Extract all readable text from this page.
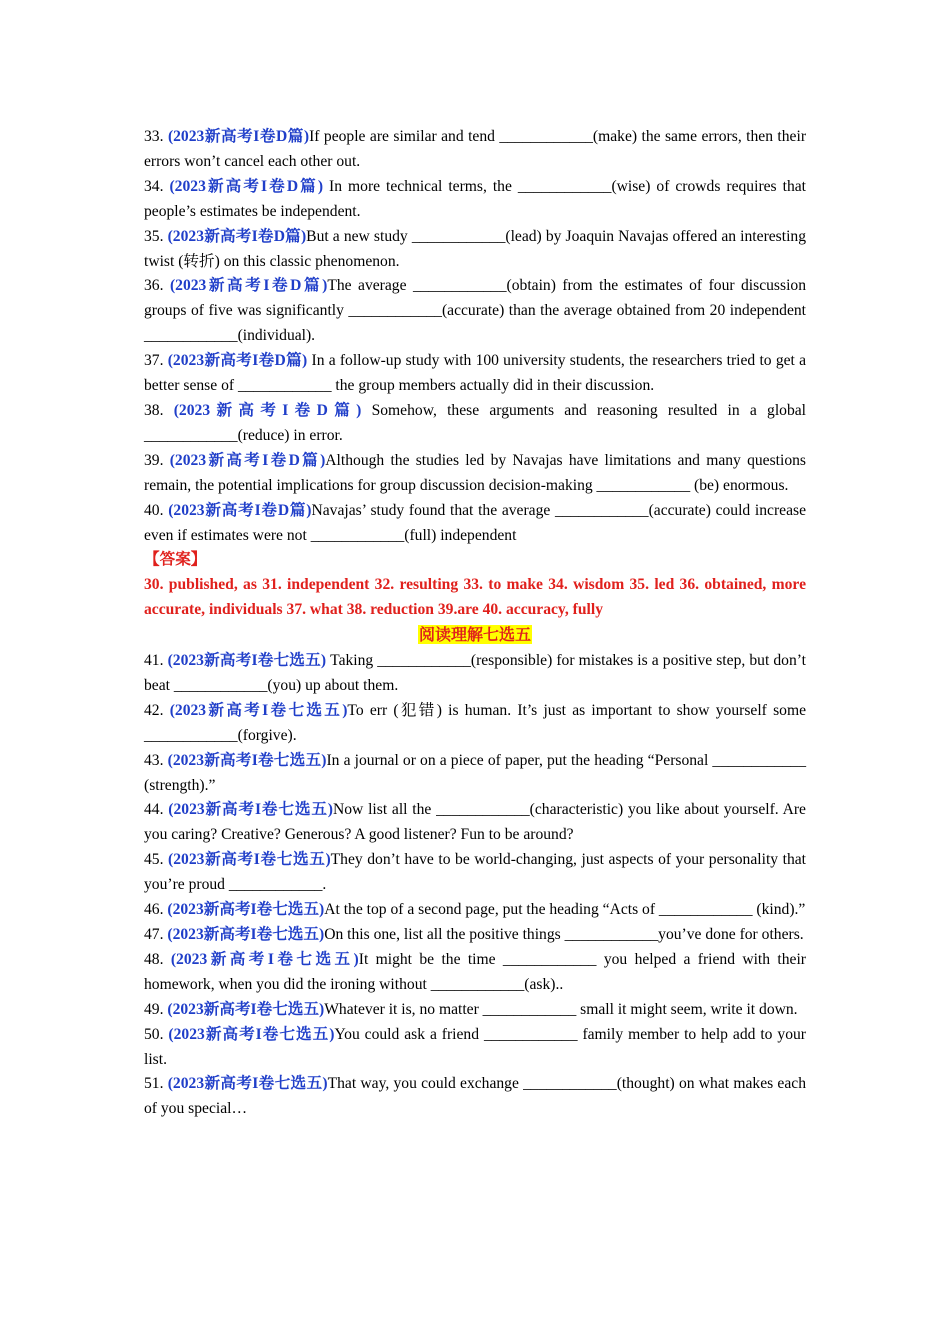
33. (2023新高考I卷D篇)If people are similar and tend ____________(make) the same errors, then their errors won’t cancel each other out.
34. (2023新高考I卷D篇) In more technical terms, the ____________(wise) of crowds requires that people’s estimates be independent.
35. (2023新高考I卷D篇)But a new study ____________(lead) by Joaquin Navajas offered an interesting twist (转折) on this classic phenomenon.
36. (2023新高考I卷D篇)The average ____________(obtain) from the estimates of four discussion groups of five was significantly ____________(accurate) than the average obtained from 20 independent ____________(individual).
37. (2023新高考I卷D篇) In a follow-up study with 100 university students, the researchers tried to get a better sense of ____________ the group members actually did in their discussion.
38. (2023新高考I卷D篇) Somehow, these arguments and reasoning resulted in a global ____________(reduce) in error.
39. (2023新高考I卷D篇)Although the studies led by Navajas have limitations and many questions remain, the potential implications for group discussion decision-making ____________ (be) enormous.
40. (2023新高考I卷D篇)Navajas’ study found that the average ____________(accurate) could increase even if estimates were not ____________(full) independent
【答案】
30. published, as 31. independent 32. resulting 33. to make 34. wisdom 35. led 36. obtained, more accurate, individuals 37. what 38. reduction 39.are 40. accuracy, fully
阅读理解七选五
41. (2023新高考I卷七选五) Taking ____________(responsible) for mistakes is a positive step, but don’t beat ____________(you) up about them.
42. (2023新高考I卷七选五)To err (犯错) is human. It’s just as important to show yourself some ____________(forgive).
43. (2023新高考I卷七选五)In a journal or on a piece of paper, put the heading “Personal ____________ (strength).”
44. (2023新高考I卷七选五)Now list all the ____________(characteristic) you like about yourself. Are you caring? Creative? Generous? A good listener? Fun to be around?
45. (2023新高考I卷七选五)They don’t have to be world-changing, just aspects of your personality that you’re proud ____________.
46. (2023新高考I卷七选五)At the top of a second page, put the heading “Acts of ____________ (kind).”
47. (2023新高考I卷七选五)On this one, list all the positive things ____________you’ve done for others.
48. (2023新高考I卷七选五)It might be the time ____________ you helped a friend with their homework, when you did the ironing without ____________(ask)..
49. (2023新高考I卷七选五)Whatever it is, no matter ____________ small it might seem, write it down.
50. (2023新高考I卷七选五)You could ask a friend ____________ family member to help add to your list.
51. (2023新高考I卷七选五)That way, you could exchange ____________(thought) on what makes each of you special…
